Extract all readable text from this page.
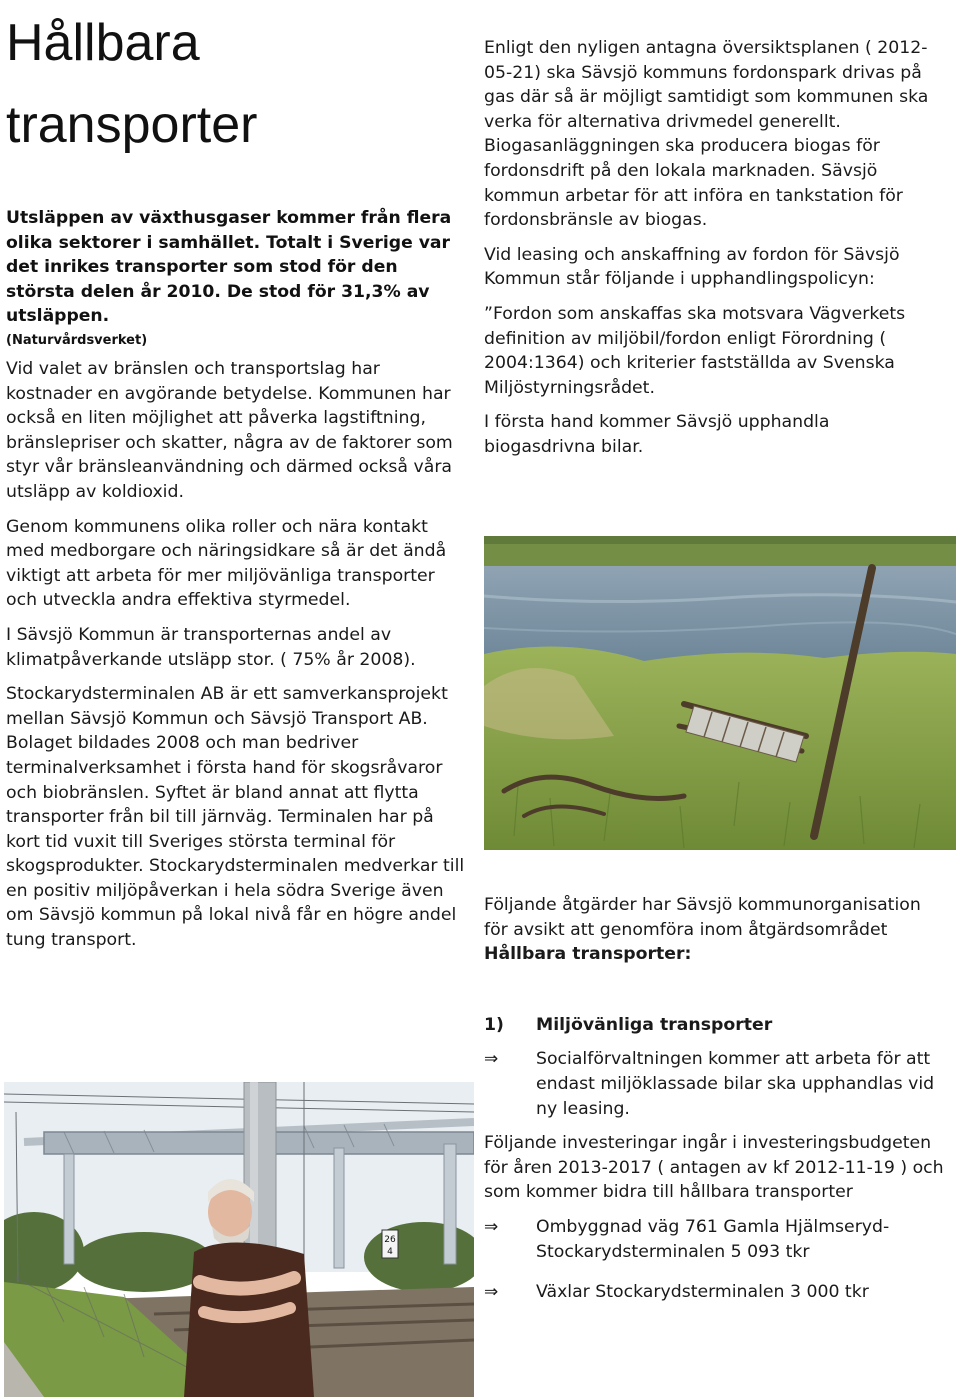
Hållbara
transporter

Utsläppen av växthusgaser kommer från flera olika sektorer i samhället. Totalt i Sverige var det inrikes transporter som stod för den största delen år 2010. De stod för 31,3% av utsläppen.

(Naturvårdsverket)

Vid valet av bränslen och transportslag har kostnader en avgörande betydelse. Kommunen har också en liten möjlighet att påverka lagstiftning, bränslepriser och skatter, några av de faktorer som styr vår bränsleanvändning och därmed också våra utsläpp av koldioxid.

Genom kommunens olika roller och nära kontakt med medborgare och näringsidkare så är det ändå viktigt att arbeta för mer miljövänliga transporter och utveckla andra effektiva styrmedel.

I Sävsjö Kommun är transporternas andel av klimatpåverkande utsläpp stor. ( 75% år 2008).

Stockarydsterminalen AB är ett samverkansprojekt mellan Sävsjö Kommun och Sävsjö Transport AB. Bolaget bildades 2008 och man bedriver terminalverksamhet i första hand för skogsråvaror och biobränslen. Syftet är bland annat att flytta transporter från bil till järnväg. Terminalen har på kort tid vuxit till Sveriges största terminal för skogsprodukter. Stockarydsterminalen medverkar till en positiv miljöpåverkan i hela södra Sverige även om Sävsjö kommun på lokal nivå får en högre andel tung transport.

Enligt den nyligen antagna översiktsplanen ( 2012-05-21) ska Sävsjö kommuns fordonspark drivas på gas där så är möjligt samtidigt som kommunen ska verka för alternativa drivmedel generellt. Biogasanläggningen ska producera biogas för fordonsdrift på den lokala marknaden. Sävsjö kommun arbetar för att införa en tankstation för fordonsbränsle av biogas.

Vid leasing och anskaffning av fordon för Sävsjö Kommun står följande i upphandlingspolicyn:

”Fordon som anskaffas ska motsvara Vägverkets definition av miljöbil/fordon enligt Förordning ( 2004:1364) och kriterier fastställda av Svenska Miljöstyrningsrådet.

I första hand kommer Sävsjö upphandla biogasdrivna bilar.

Följande åtgärder har Sävsjö kommunorganisation för avsikt att genomföra inom åtgärdsområdet Hållbara transporter:

1)	Miljövänliga transporter

⇒	Socialförvaltningen kommer att arbeta för att endast miljöklassade bilar ska upphandlas vid ny leasing.

Följande investeringar ingår i investeringsbudgeten för åren 2013-2017 ( antagen av kf 2012-11-19 ) och som kommer bidra till hållbara transporter

⇒	Ombyggnad väg 761 Gamla Hjälmseryd-Stockarydsterminalen 5 093 tkr

⇒	Växlar Stockarydsterminalen 3 000 tkr

26
4
